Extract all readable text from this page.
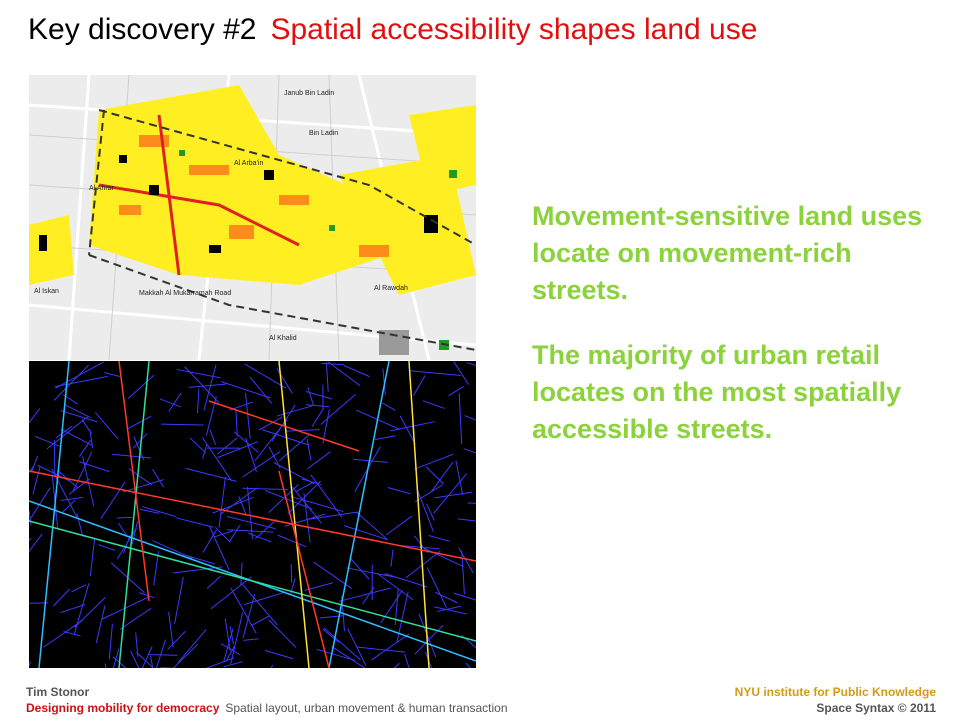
Key discovery #2 Spatial accessibility shapes land use
Janub Bin Ladin
Bin Ladin
Al Arba'in
Al Rawdah
Makkah Al Mukarramah Road
Al Iskan
Al Ahrar
Al Khalid

Movement-sensitive land uses locate on movement-rich streets.

The majority of urban retail locates on the most spatially accessible streets.

Tim Stonor
Designing mobility for democracy Spatial layout, urban movement & human transaction
NYU institute for Public Knowledge
Space Syntax © 2011
